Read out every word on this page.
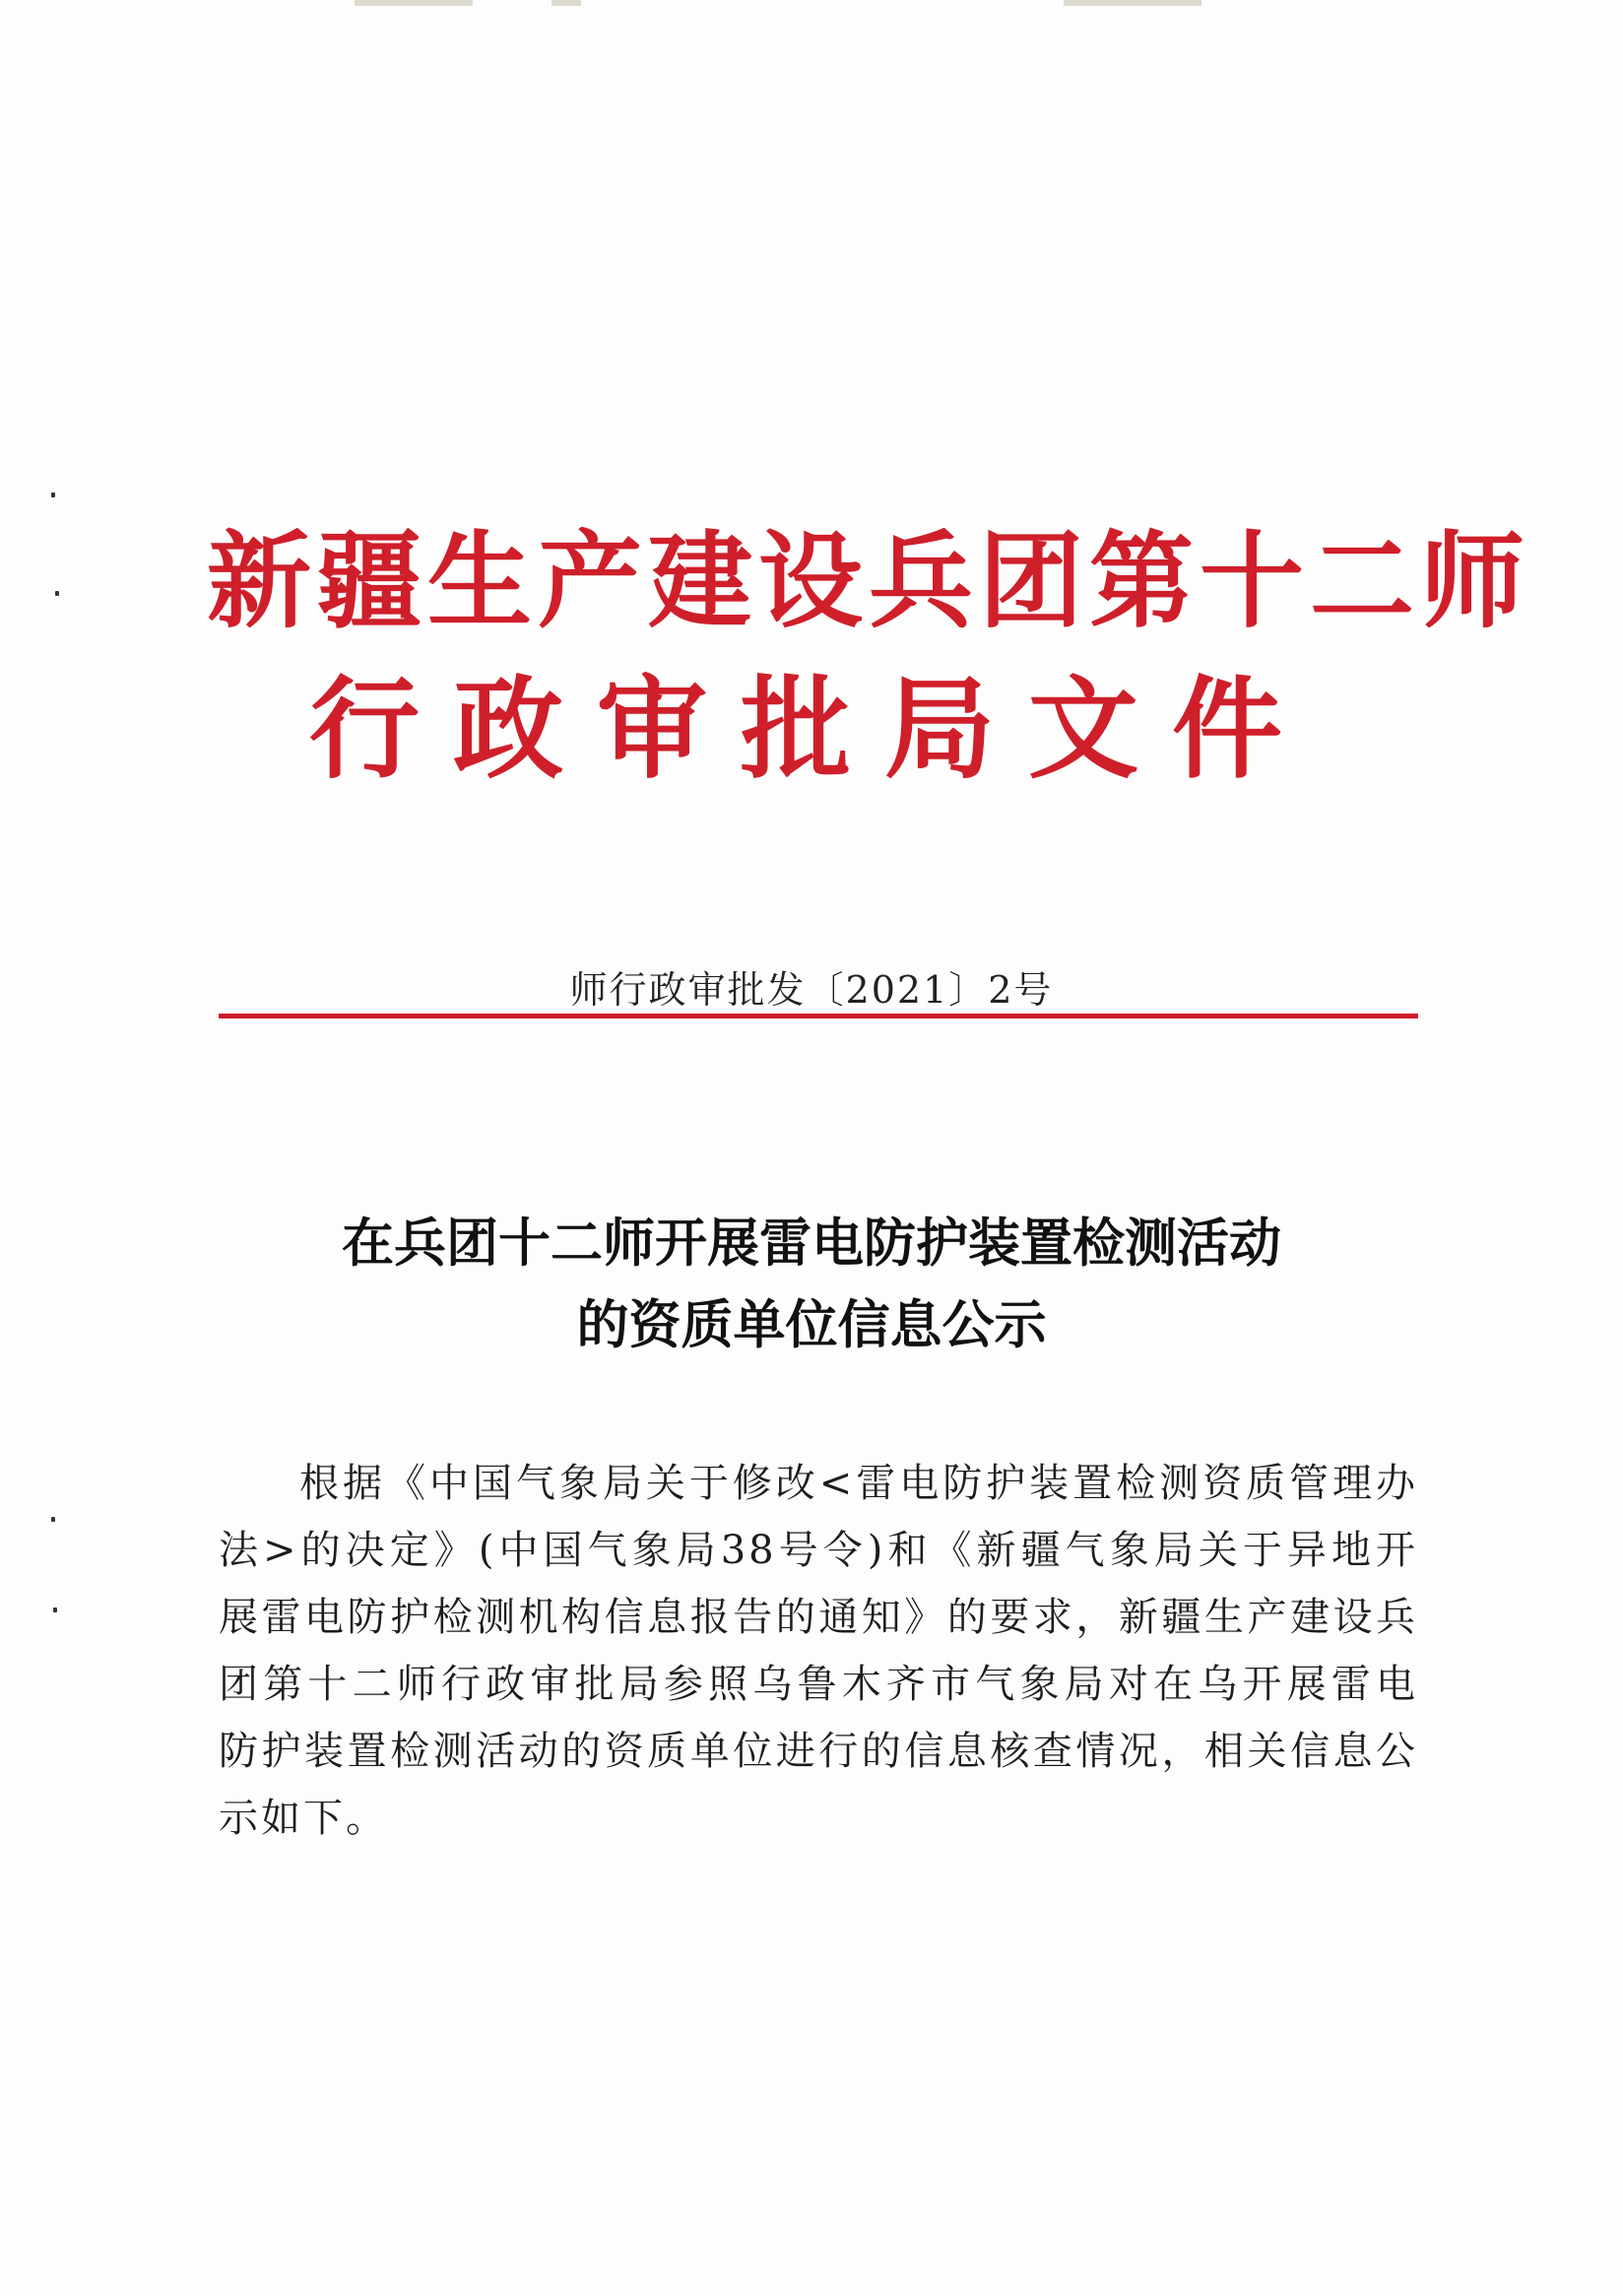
新疆生产建设兵团第十二师
行政审批局文件
师行政审批发〔2021〕2号
在兵团十二师开展雷电防护装置检测活动
的资质单位信息公示
根据《中国气象局关于修改<雷电防护装置检测资质管理办
法>的决定》(中国气象局38号令)和《新疆气象局关于异地开
展雷电防护检测机构信息报告的通知》的要求，新疆生产建设兵
团第十二师行政审批局参照乌鲁木齐市气象局对在乌开展雷电
防护装置检测活动的资质单位进行的信息核查情况，相关信息公
示如下。
